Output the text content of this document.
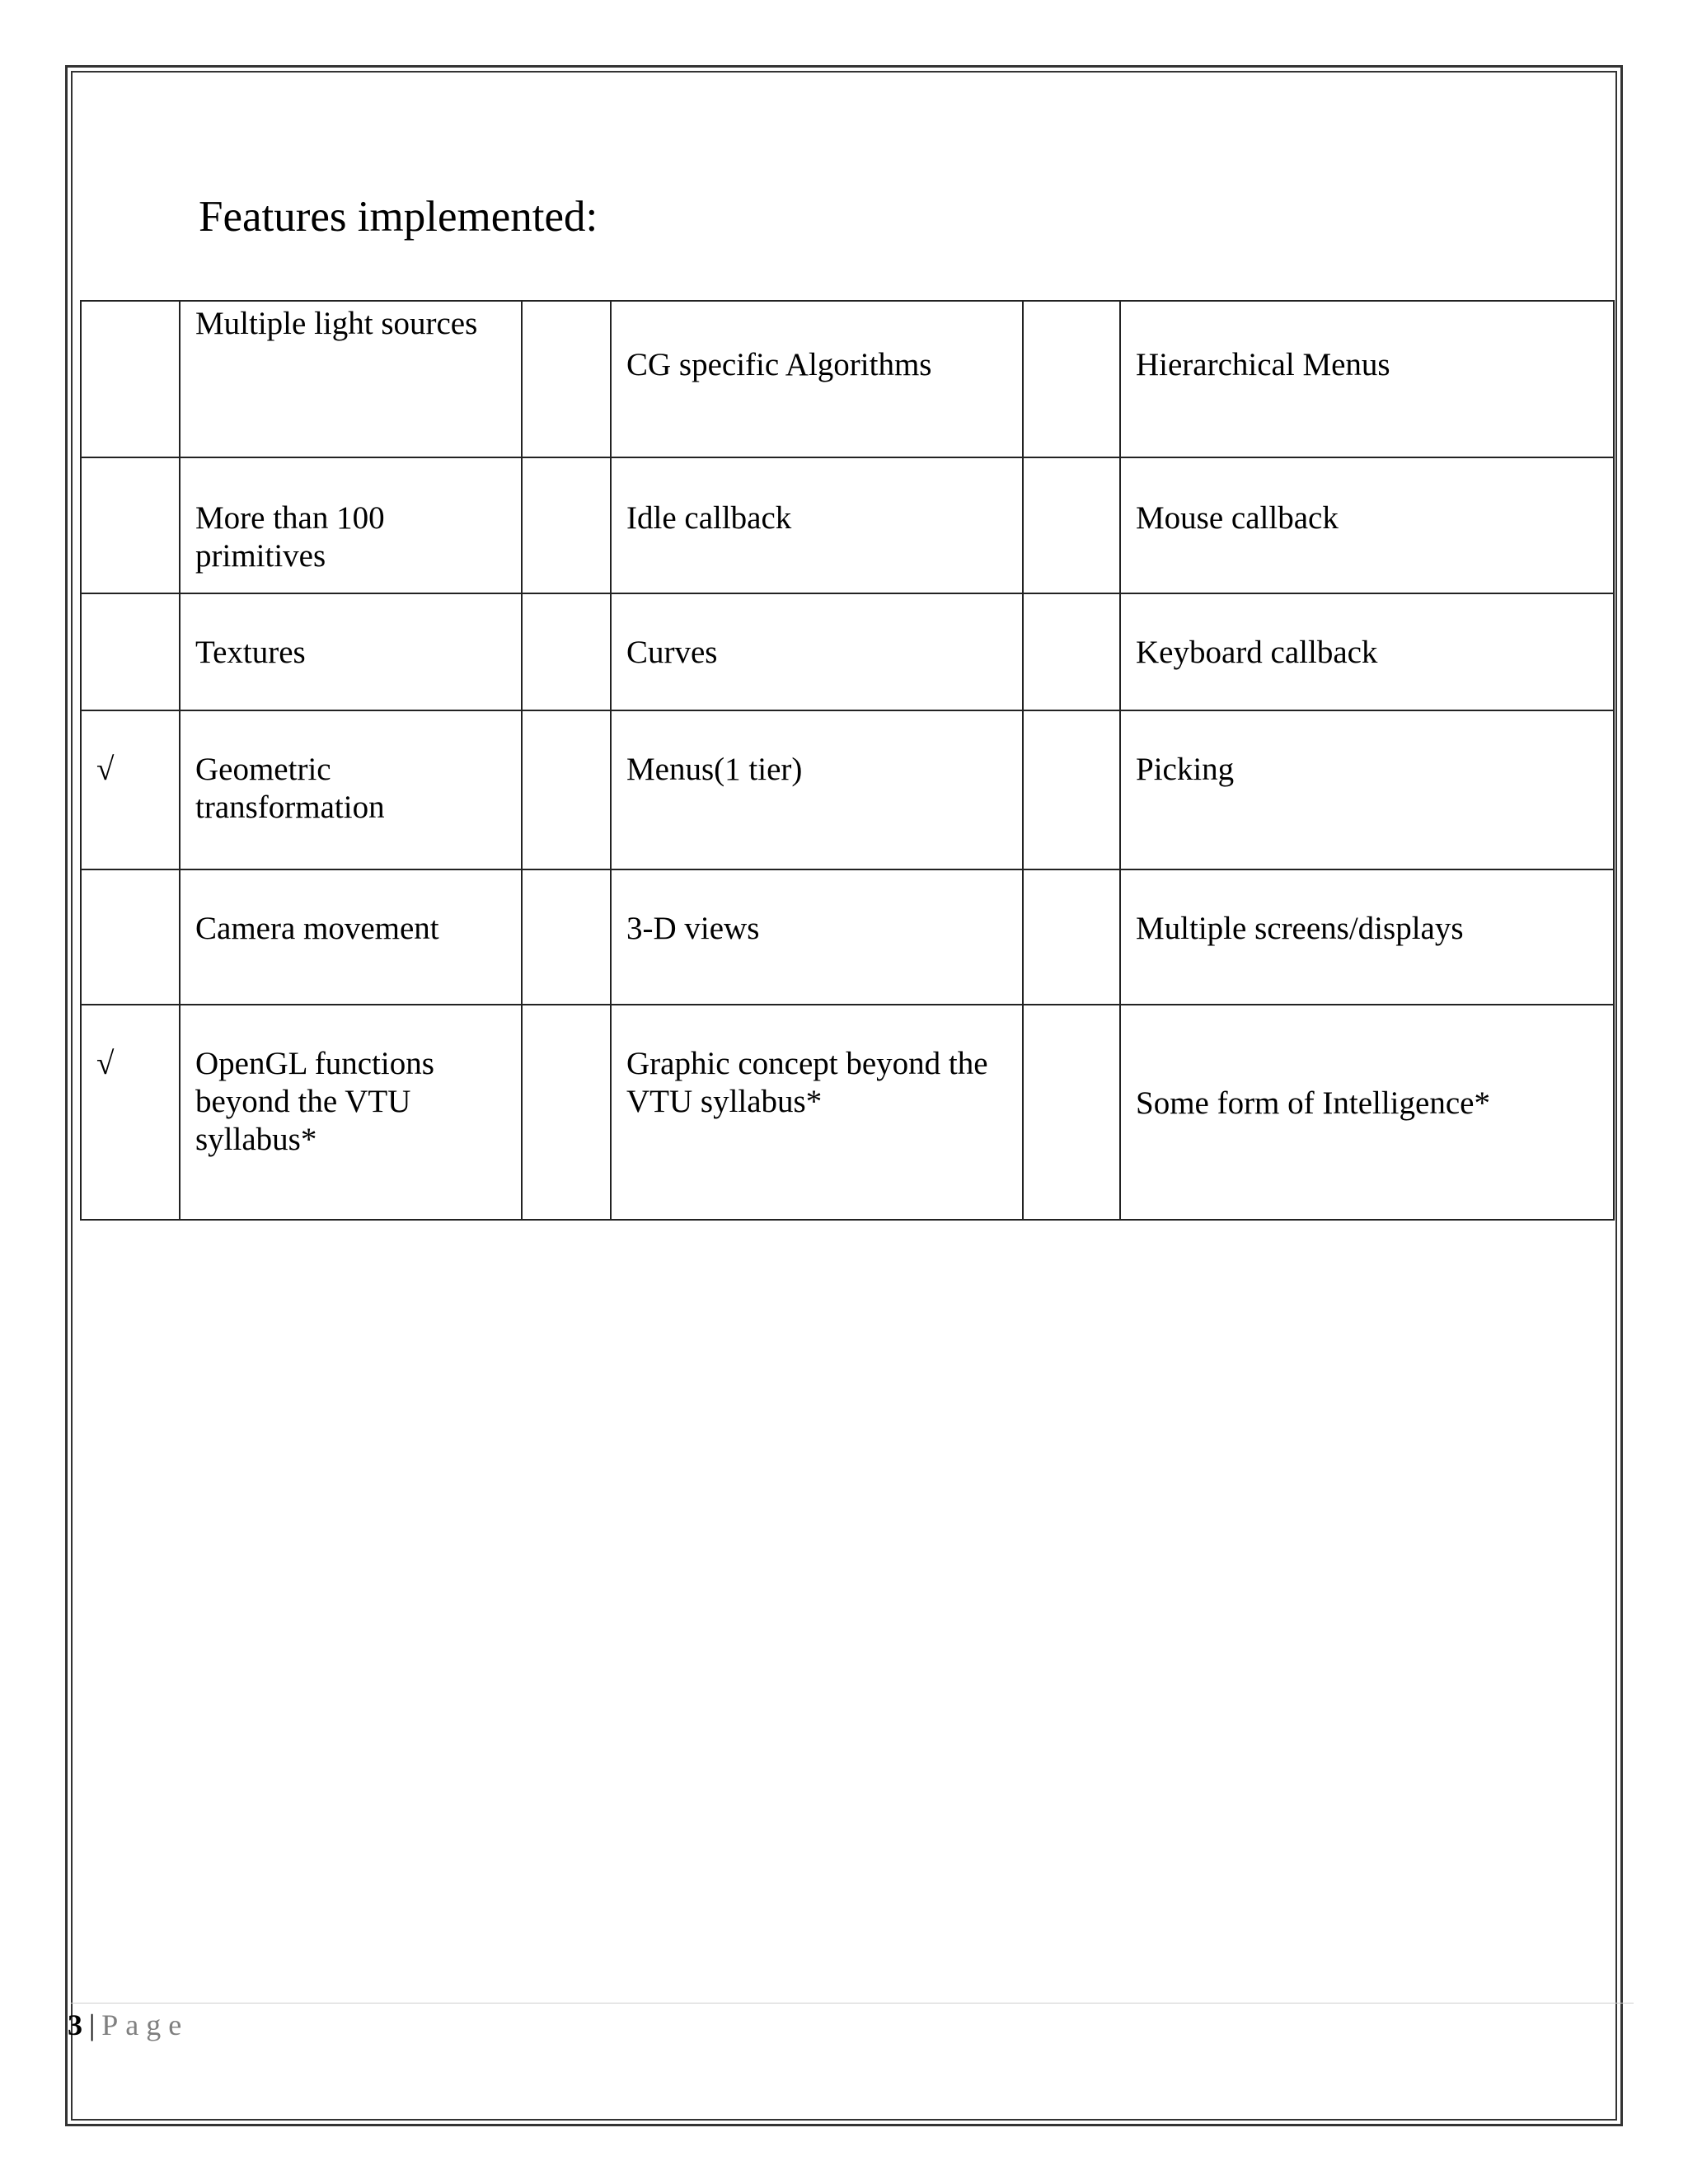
Features implemented:
	Multiple light sources		CG specific Algorithms		Hierarchical Menus
	More than 100 primitives		Idle callback		Mouse callback
	Textures		Curves		Keyboard callback
√	Geometric transformation		Menus(1 tier)		Picking
	Camera movement		3-D views		Multiple screens/displays
√	OpenGL functions beyond the VTU syllabus*		Graphic concept beyond the VTU syllabus*		Some form of Intelligence*
3 | Page
